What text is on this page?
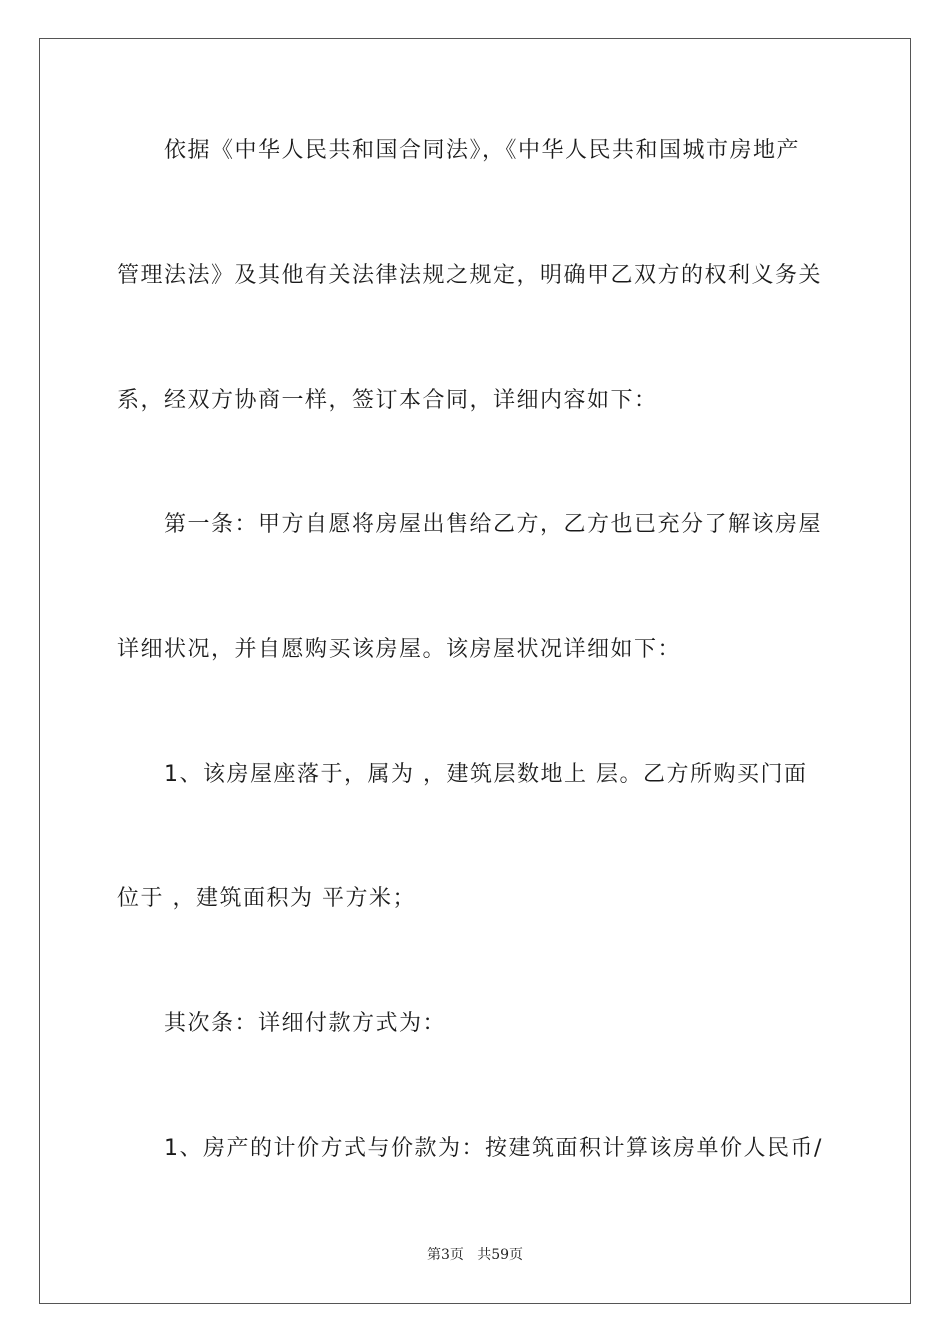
依据《中华人民共和国合同法》，《中华人民共和国城市房地产
管理法法》及其他有关法律法规之规定，明确甲乙双方的权利义务关
系，经双方协商一样，签订本合同，详细内容如下：
第一条：甲方自愿将房屋出售给乙方，乙方也已充分了解该房屋
详细状况，并自愿购买该房屋。该房屋状况详细如下：
1、该房屋座落于，属为 ，建筑层数地上 层。乙方所购买门面
位于 ，建筑面积为 平方米；
其次条：详细付款方式为：
1、房产的计价方式与价款为：按建筑面积计算该房单价人民币/
第3页   共59页
